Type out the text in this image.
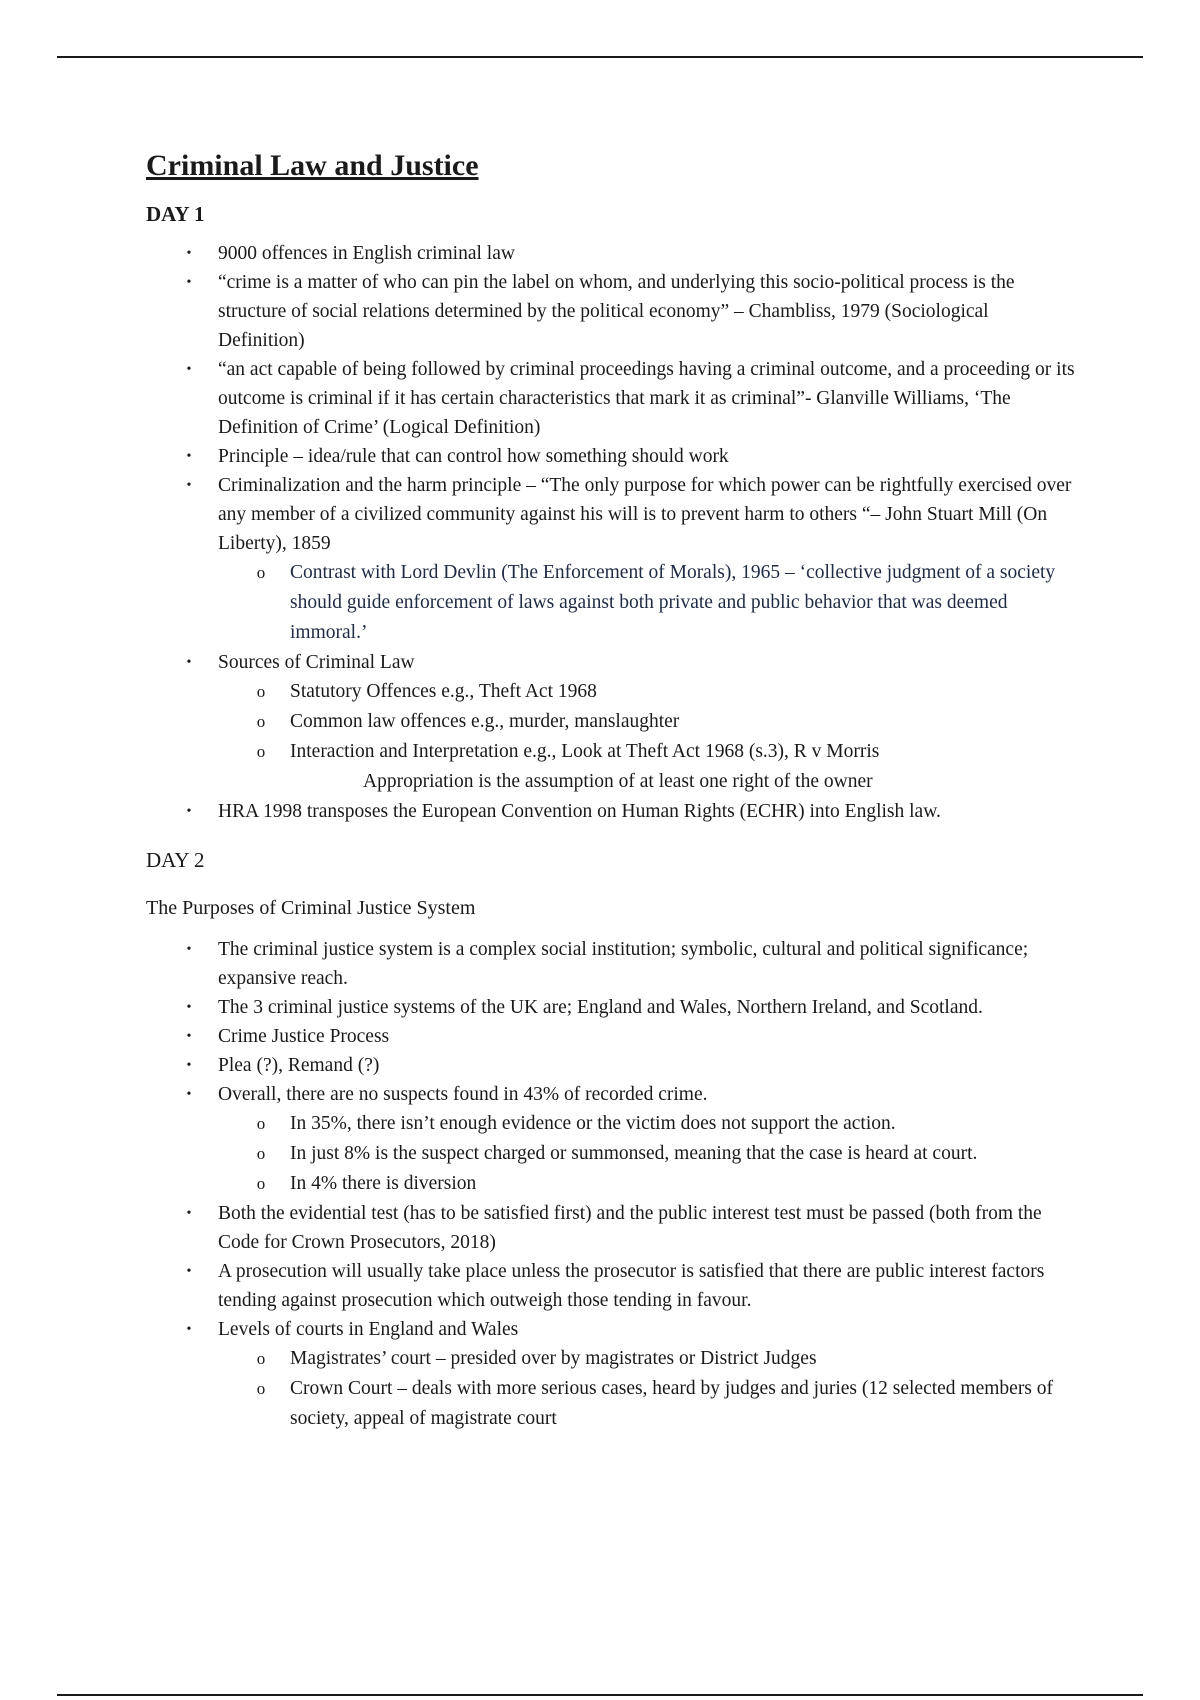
Criminal Law and Justice
DAY 1
• 9000 offences in English criminal law
• “crime is a matter of who can pin the label on whom, and underlying this socio-political process is the structure of social relations determined by the political economy” – Chambliss, 1979 (Sociological Definition)
• “an act capable of being followed by criminal proceedings having a criminal outcome, and a proceeding or its outcome is criminal if it has certain characteristics that mark it as criminal”- Glanville Williams, ‘The Definition of Crime’ (Logical Definition)
• Principle – idea/rule that can control how something should work
• Criminalization and the harm principle – “The only purpose for which power can be rightfully exercised over any member of a civilized community against his will is to prevent harm to others “– John Stuart Mill (On Liberty), 1859
o Contrast with Lord Devlin (The Enforcement of Morals), 1965 – ‘collective judgment of a society should guide enforcement of laws against both private and public behavior that was deemed immoral.’
• Sources of Criminal Law
o Statutory Offences e.g., Theft Act 1968
o Common law offences e.g., murder, manslaughter
o Interaction and Interpretation e.g., Look at Theft Act 1968 (s.3), R v Morris
Appropriation is the assumption of at least one right of the owner
• HRA 1998 transposes the European Convention on Human Rights (ECHR) into English law.
DAY 2
The Purposes of Criminal Justice System
• The criminal justice system is a complex social institution; symbolic, cultural and political significance; expansive reach.
• The 3 criminal justice systems of the UK are; England and Wales, Northern Ireland, and Scotland.
• Crime Justice Process
• Plea (?), Remand (?)
• Overall, there are no suspects found in 43% of recorded crime.
o In 35%, there isn’t enough evidence or the victim does not support the action.
o In just 8% is the suspect charged or summonsed, meaning that the case is heard at court.
o In 4% there is diversion
• Both the evidential test (has to be satisfied first) and the public interest test must be passed (both from the Code for Crown Prosecutors, 2018)
• A prosecution will usually take place unless the prosecutor is satisfied that there are public interest factors tending against prosecution which outweigh those tending in favour.
• Levels of courts in England and Wales
o Magistrates’ court – presided over by magistrates or District Judges
o Crown Court – deals with more serious cases, heard by judges and juries (12 selected members of society, appeal of magistrate court
